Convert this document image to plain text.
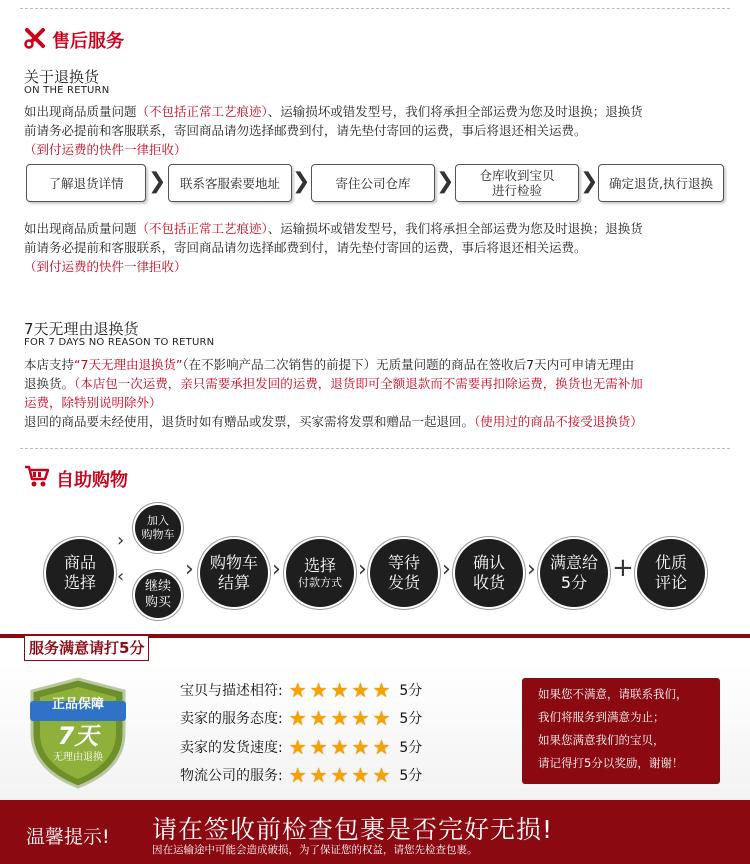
售后服务
关于退换货
ON THE RETURN
如出现商品质量问题（不包括正常工艺痕迹）、运输损坏或错发型号，我们将承担全部运费为您及时退换；退换货
前请务必提前和客服联系，寄回商品请勿选择邮费到付，请先垫付寄回的运费，事后将退还相关运费。
（到付运费的快件一律拒收）
了解退货详情	❯	联系客服索要地址 ❯	寄住公司仓库	❯	仓库收到宝贝
进行检验	❯ 确定退货,执行退换
如出现商品质量问题（不包括正常工艺痕迹）、运输损坏或错发型号，我们将承担全部运费为您及时退换；退换货
前请务必提前和客服联系，寄回商品请勿选择邮费到付，请先垫付寄回的运费，事后将退还相关运费。
（到付运费的快件一律拒收）
7天无理由退换货
FOR 7 DAYS NO REASON TO RETURN
本店支持“7天无理由退换货”（在不影响产品二次销售的前提下）无质量问题的商品在签收后7天内可申请无理由
退换货。（本店包一次运费，亲只需要承担发回的运费，退货即可全额退款而不需要再扣除运费，换货也无需补加
运费，除特别说明除外）
退回的商品要未经使用，退货时如有赠品或发票，买家需将发票和赠品一起退回。（使用过的商品不接受退换货）
自助购物
商品
选择
›
‹
加入
购物车
继续
购买
›	购物车
结算
› 选择
付款方式
›	等待
发货
›	确认
收货
› 满意给
5分 +	优质
评论
服务满意请打5分
正品保障
7天
无理由退换
宝贝与描述相符: ★★★★★ 5分
卖家的服务态度: ★★★★★ 5分
卖家的发货速度: ★★★★★ 5分
物流公司的服务: ★★★★★ 5分
如果您不满意，请联系我们，
我们将服务到满意为止；
如果您满意我们的宝贝，
请记得打5分以奖励，谢谢！
温馨提示! 请在签收前检查包裹是否完好无损!
因在运输途中可能会造成破损，为了保证您的权益，请您先检查包裹。
